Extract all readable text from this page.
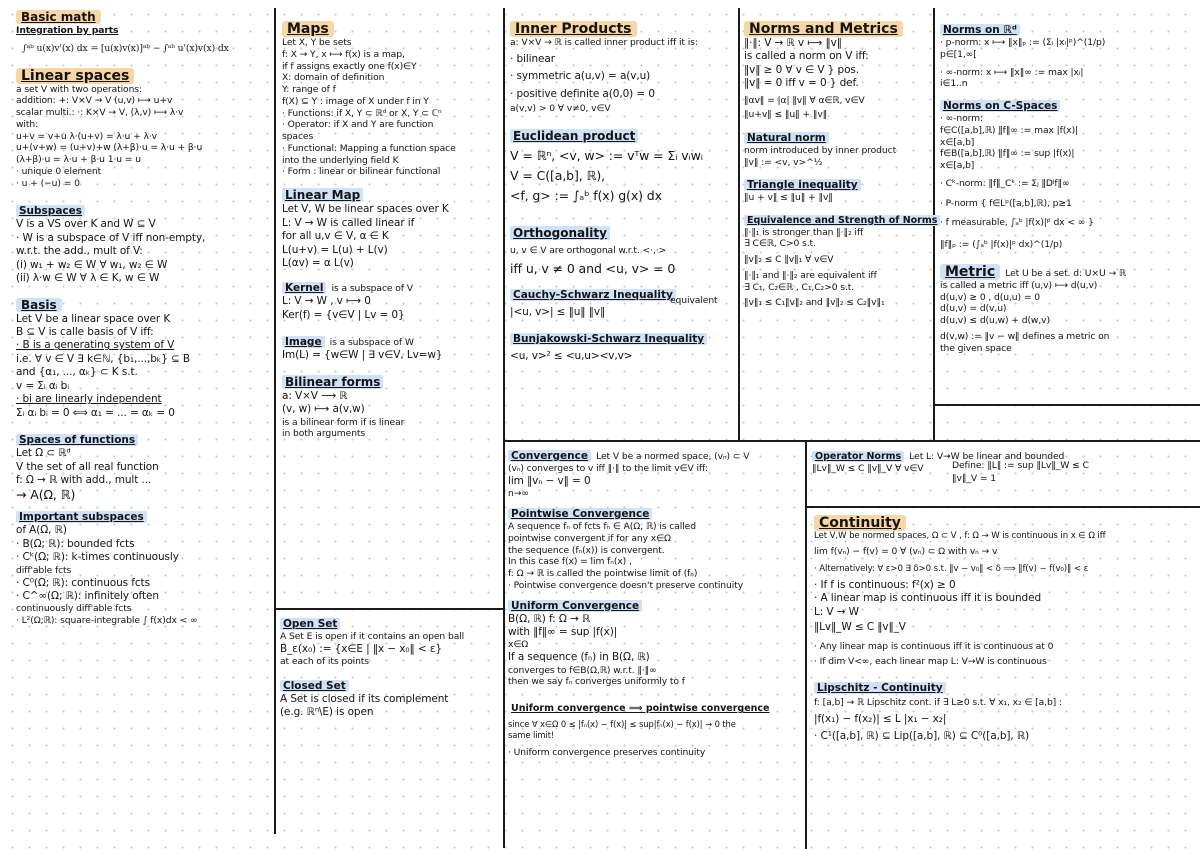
Basic math
Integration by parts
∫ᵃᵇ u(x)v'(x) dx = [u(x)v(x)]ᵃᵇ − ∫ᵃᵇ u'(x)v(x) dx
Linear spaces
a set V with two operations:
addition: +: V×V → V (u,v) ⟼ u+v
scalar multi.: ·: K×V → V, (λ,v) ⟼ λ·v
with:
u+v = v+u λ·(u+v) = λ·u + λ·v
u+(v+w) = (u+v)+w (λ+β)·u = λ·u + β·u
(λ+β)·u = λ·u + β·u 1·u = u
· unique 0 element
· u + (−u) = 0
Subspaces
V is a VS over K and W ⊆ V
· W is a subspace of V iff non-empty,
w.r.t. the add., mult of V:
(i) w₁ + w₂ ∈ W ∀ w₁, w₂ ∈ W
(ii) λ·w ∈ W ∀ λ ∈ K, w ∈ W
Basis
Let V be a linear space over K
B ⊆ V is calle basis of V iff:
· B is a generating system of V
i.e. ∀ v ∈ V ∃ k∈ℕ, {b₁,...,bₖ} ⊆ B
and {α₁, ..., αₖ} ⊂ K s.t.
v = Σᵢ αᵢ bᵢ
· bi are linearly independent
Σᵢ αᵢ bᵢ = 0 ⟺ α₁ = ... = αₖ = 0
Spaces of functions
Let Ω ⊂ ℝᵈ
V the set of all real function
f: Ω → ℝ with add., mult ...
→ A(Ω, ℝ)
Important subspaces
of A(Ω, ℝ)
· B(Ω; ℝ): bounded fcts
· Cᵏ(Ω; ℝ): k-times continuously
diff'able fcts
· C⁰(Ω; ℝ): continuous fcts
· C^∞(Ω; ℝ): infinitely often
continuously diff'able fcts
· L²(Ω;ℝ): square-integrable ∫ f(x)dx < ∞
Maps
Let X, Y be sets
f: X → Y, x ⟼ f(x) is a map,
if f assigns exactly one f(x)∈Y
X: domain of definition
Y: range of f
f(X) ⊆ Y : image of X under f in Y
· Functions: if X, Y ⊂ ℝᵈ or X, Y ⊂ ℂⁿ
· Operator: if X and Y are function
spaces
· Functional: Mapping a function space
into the underlying field K
· Form : linear or bilinear functional
Linear Map
Let V, W be linear spaces over K
L: V → W is called linear if
for all u,v ∈ V, α ∈ K
L(u+v) = L(u) + L(v)
L(αv) = α L(v)
Kernel is a subspace of V
L: V → W , v ⟼ 0
Ker(f) = {v∈V | Lv = 0}
Image is a subspace of W
Im(L) = {w∈W | ∃ v∈V, Lv=w}
Bilinear forms
a: V×V ⟶ ℝ
(v, w) ⟼ a(v,w)
is a bilinear form if is linear
in both arguments
Open Set
A Set E is open if it contains an open ball
B_ε(x₀) := {x∈E | ‖x − x₀‖ < ε}
at each of its points
Closed Set
A Set is closed if its complement
(e.g. ℝⁿ\E) is open
Inner Products
a: V×V → ℝ is called inner product iff it is:
· bilinear
· symmetric a(u,v) = a(v,u)
· positive definite a(0,0) = 0
a(v,v) > 0 ∀ v≠0, v∈V
Euclidean product
V = ℝⁿ, <v, w> := vᵀw = Σᵢ vᵢwᵢ
V = C([a,b], ℝ),
<f, g> := ∫ₐᵇ f(x) g(x) dx
Orthogonality
u, v ∈ V are orthogonal w.r.t. <·,·>
iff u, v ≠ 0 and <u, v> = 0
Cauchy-Schwarz Inequality
|<u, v>| ≤ ‖u‖ ‖v‖
equivalent
Bunjakowski-Schwarz Inequality
<u, v>² ≤ <u,u><v,v>
Norms and Metrics
‖·‖: V → ℝ v ⟼ ‖v‖
is called a norm on V iff:
‖v‖ ≥ 0 ∀ v ∈ V } pos.
‖v‖ = 0 iff v = 0 } def.
‖αv‖ = |α| ‖v‖ ∀ α∈ℝ, v∈V
‖u+v‖ ≤ ‖u‖ + ‖v‖
Natural norm
norm introduced by inner product
‖v‖ := <v, v>^½
Triangle inequality
‖u + v‖ ≤ ‖u‖ + ‖v‖
Equivalence and Strength of Norms
‖·‖₁ is stronger than ‖·‖₂ iff
∃ C∈ℝ, C>0 s.t.
‖v‖₂ ≤ C ‖v‖₁ ∀ v∈V
‖·‖₁ and ‖·‖₂ are equivalent iff
∃ C₁, C₂∈ℝ , C₁,C₂>0 s.t.
‖v‖₁ ≤ C₁‖v‖₂ and ‖v‖₂ ≤ C₂‖v‖₁
Norms on ℝᵈ
· p-norm: x ⟼ ‖x‖ₚ := (Σᵢ |xᵢ|ᵖ)^(1/p)
p∈[1,∞[
· ∞-norm: x ⟼ ‖x‖∞ := max |xᵢ|
i∈1..n
Norms on C-Spaces
· ∞-norm:
f∈C([a,b],ℝ) ‖f‖∞ := max |f(x)|
x∈[a,b]
f∈B([a,b],ℝ) ‖f‖∞ := sup |f(x)|
x∈[a,b]
· Cᵏ-norm: ‖f‖_Cᵏ := Σⱼ ‖Dʲf‖∞
· P-norm { f∈Lᵖ([a,b],ℝ), p≥1
· f measurable, ∫ₐᵇ |f(x)|ᵖ dx < ∞ }
‖f‖ₚ := (∫ₐᵇ |f(x)|ᵖ dx)^(1/p)
Metric Let U be a set. d: U×U → ℝ
is called a metric iff (u,v) ⟼ d(u,v)
d(u,v) ≥ 0 , d(u,u) = 0
d(u,v) = d(v,u)
d(u,v) ≤ d(u,w) + d(w,v)
d(v,w) := ‖v − w‖ defines a metric on
the given space
Operator Norms Let L: V→W be linear and bounded
‖Lv‖_W ≤ C ‖v‖_V ∀ v∈V	Define: ‖L‖ := sup ‖Lv‖_W ≤ C
‖v‖_V = 1
Convergence Let V be a normed space, (vₙ) ⊂ V
(vₙ) converges to v iff ‖·‖ to the limit v∈V iff:
lim ‖vₙ − v‖ = 0
n→∞
Pointwise Convergence
A sequence fₙ of fcts fₙ ∈ A(Ω, ℝ) is called
pointwise convergent if for any x∈Ω
the sequence (fₙ(x)) is convergent.
In this case f(x) = lim fₙ(x) ,
f: Ω → ℝ is called the pointwise limit of (fₙ)
· Pointwise convergence doesn't preserve continuity
Uniform Convergence
B(Ω, ℝ) f: Ω → ℝ
with ‖f‖∞ = sup |f(x)|
x∈Ω
If a sequence (fₙ) in B(Ω, ℝ)
converges to f∈B(Ω,ℝ) w.r.t. ‖·‖∞
then we say fₙ converges uniformly to f
Uniform convergence ⟹ pointwise convergence
since ∀ x∈Ω 0 ≤ |fₙ(x) − f(x)| ≤ sup|fₙ(x) − f(x)| → 0 the
same limit!
· Uniform convergence preserves continuity
Continuity
Let V,W be normed spaces, Ω ⊂ V , f: Ω → W is continuous in x ∈ Ω iff
lim f(vₙ) − f(v) = 0 ∀ (vₙ) ⊂ Ω with vₙ → v
· Alternatively: ∀ ε>0 ∃ δ>0 s.t. ‖v − v₀‖ < δ ⟹ ‖f(v) − f(v₀)‖ < ε
· If f is continuous: f²(x) ≥ 0
· A linear map is continuous iff it is bounded
L: V → W
‖Lv‖_W ≤ C ‖v‖_V
· Any linear map is continuous iff it is continuous at 0
· If dim V<∞, each linear map L: V→W is continuous
Lipschitz - Continuity
f: [a,b] → ℝ Lipschitz cont. if ∃ L≥0 s.t. ∀ x₁, x₂ ∈ [a,b] :
|f(x₁) − f(x₂)| ≤ L |x₁ − x₂|
· C¹([a,b], ℝ) ⊆ Lip([a,b], ℝ) ⊆ C⁰([a,b], ℝ)
